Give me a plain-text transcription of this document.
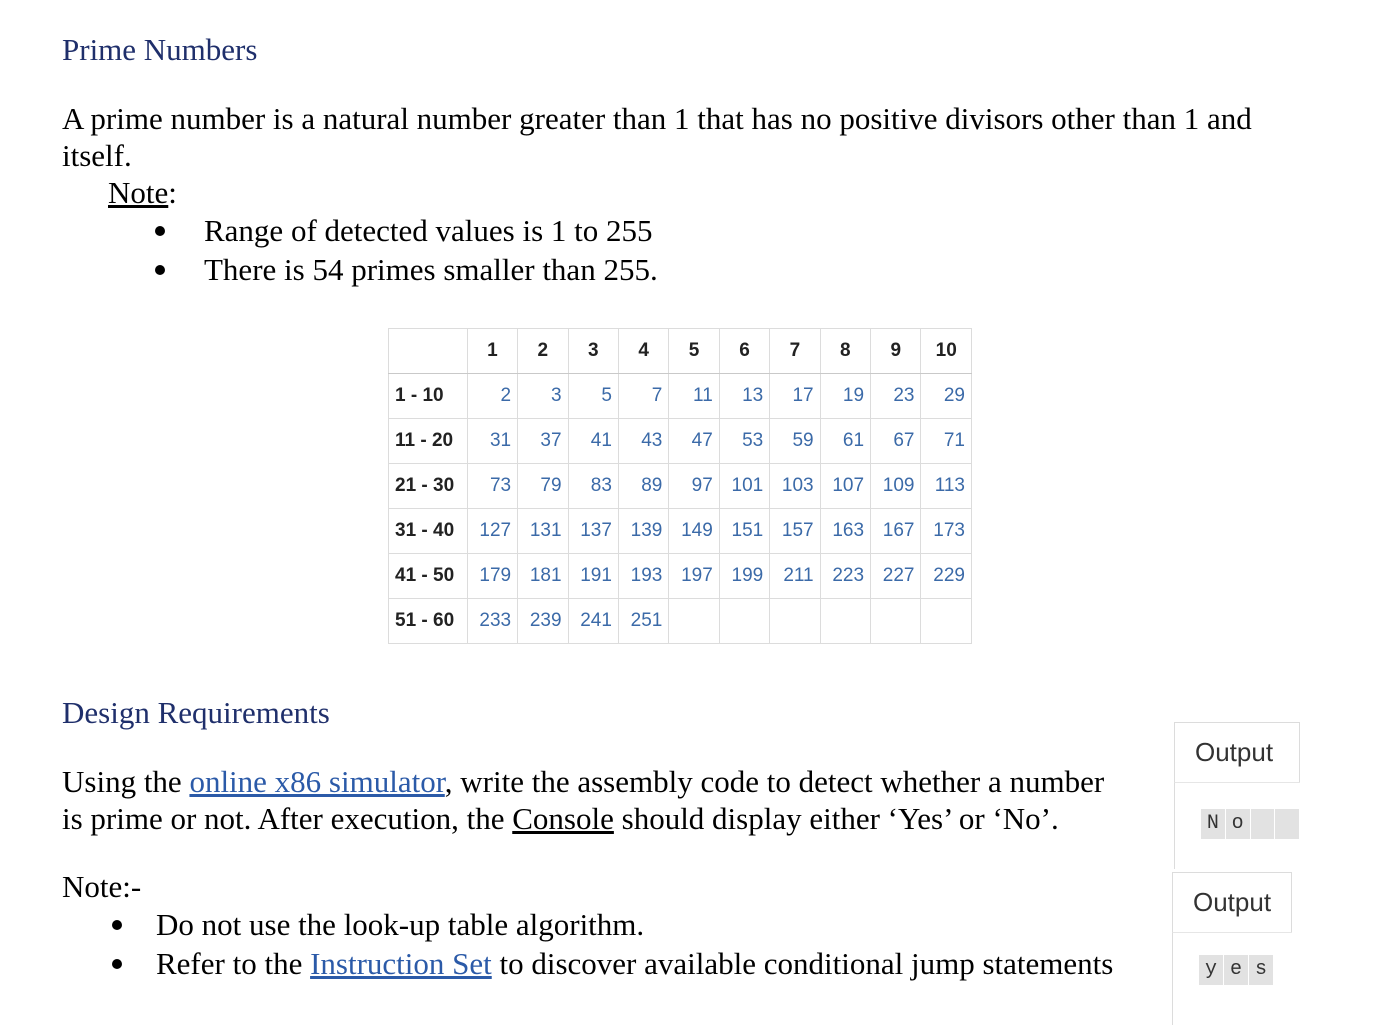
Prime Numbers

A prime number is a natural number greater than 1 that has no positive divisors other than 1 and
itself.

Note:
Range of detected values is 1 to 255
There is 54 primes smaller than 255.
	1	2	3	4	5	6	7	8	9	10
1 - 10	2	3	5	7	11	13	17	19	23	29
11 - 20	31	37	41	43	47	53	59	61	67	71
21 - 30	73	79	83	89	97	101	103	107	109	113
31 - 40	127	131	137	139	149	151	157	163	167	173
41 - 50	179	181	191	193	197	199	211	223	227	229
51 - 60	233	239	241	251						
Design Requirements

Using the online x86 simulator, write the assembly code to detect whether a number
is prime or not. After execution, the Console should display either ‘Yes’ or ‘No’.

Note:-
Do not use the look-up table algorithm.
Refer to the Instruction Set to discover available conditional jump statements
Output
N o
Output
y e s
